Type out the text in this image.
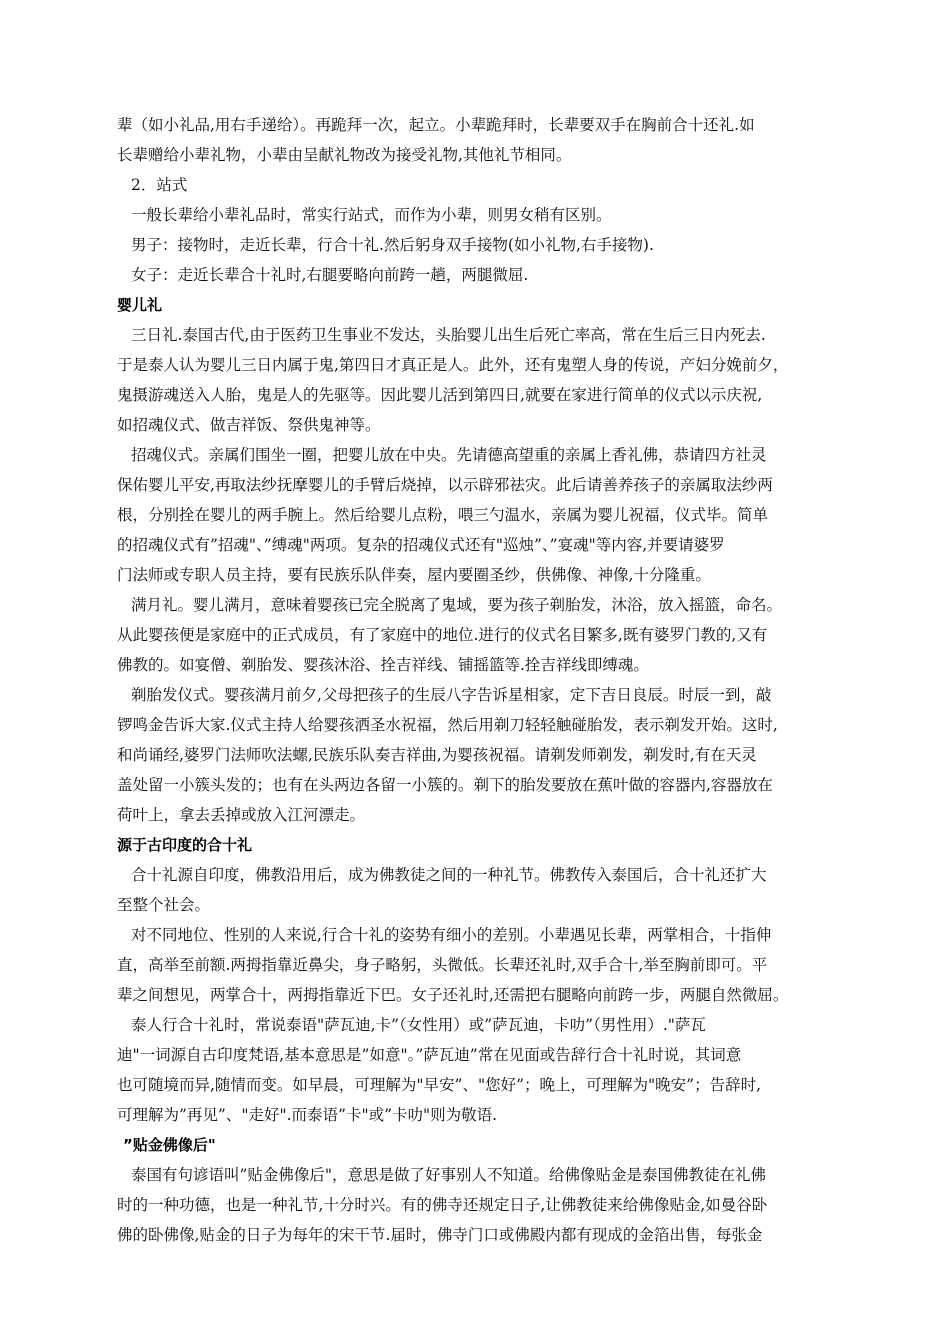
辈（如小礼品,用右手递给）。再跪拜一次，起立。小辈跪拜时，长辈要双手在胸前合十还礼.如
长辈赠给小辈礼物，小辈由呈献礼物改为接受礼物,其他礼节相同。
2．站式
一般长辈给小辈礼品时，常实行站式，而作为小辈，则男女稍有区别。
男子：接物时，走近长辈，行合十礼.然后躬身双手接物(如小礼物,右手接物).
女子：走近长辈合十礼时,右腿要略向前跨一趟，两腿微屈.
婴儿礼
三日礼.泰国古代,由于医药卫生事业不发达，头胎婴儿出生后死亡率高，常在生后三日内死去.
于是泰人认为婴儿三日内属于鬼,第四日才真正是人。此外，还有鬼塑人身的传说，产妇分娩前夕，
鬼摄游魂送入人胎，鬼是人的先驱等。因此婴儿活到第四日,就要在家进行简单的仪式以示庆祝,
如招魂仪式、做吉祥饭、祭供鬼神等。
招魂仪式。亲属们围坐一圈，把婴儿放在中央。先请德高望重的亲属上香礼佛，恭请四方社灵
保佑婴儿平安,再取法纱抚摩婴儿的手臂后烧掉，以示辟邪祛灾。此后请善养孩子的亲属取法纱两
根，分别拴在婴儿的两手腕上。然后给婴儿点粉，喂三勺温水，亲属为婴儿祝福，仪式毕。简单
的招魂仪式有”招魂"、”缚魂"两项。复杂的招魂仪式还有"巡烛”、”宴魂"等内容,并要请婆罗
门法师或专职人员主持，要有民族乐队伴奏，屋内要圈圣纱，供佛像、神像,十分隆重。
满月礼。婴儿满月，意味着婴孩已完全脱离了鬼域，要为孩子剃胎发，沐浴，放入摇篮，命名。
从此婴孩便是家庭中的正式成员，有了家庭中的地位.进行的仪式名目繁多,既有婆罗门教的,又有
佛教的。如宴僧、剃胎发、婴孩沐浴、拴吉祥线、铺摇篮等.拴吉祥线即缚魂。
剃胎发仪式。婴孩满月前夕,父母把孩子的生辰八字告诉星相家，定下吉日良辰。时辰一到，敲
锣鸣金告诉大家.仪式主持人给婴孩洒圣水祝福，然后用剃刀轻轻触碰胎发，表示剃发开始。这时,
和尚诵经,婆罗门法师吹法螺,民族乐队奏吉祥曲,为婴孩祝福。请剃发师剃发，剃发时,有在天灵
盖处留一小簇头发的；也有在头两边各留一小簇的。剃下的胎发要放在蕉叶做的容器内,容器放在
荷叶上，拿去丢掉或放入江河漂走。
源于古印度的合十礼
合十礼源自印度，佛教沿用后，成为佛教徒之间的一种礼节。佛教传入泰国后，合十礼还扩大
至整个社会。
对不同地位、性别的人来说,行合十礼的姿势有细小的差别。小辈遇见长辈，两掌相合，十指伸
直，高举至前额.两拇指靠近鼻尖，身子略躬，头微低。长辈还礼时,双手合十,举至胸前即可。平
辈之间想见，两掌合十，两拇指靠近下巴。女子还礼时,还需把右腿略向前跨一步，两腿自然微屈。
泰人行合十礼时，常说泰语"萨瓦迪,卡”（女性用）或”萨瓦迪，卡叻”（男性用）."萨瓦
迪"一词源自古印度梵语,基本意思是”如意"。”萨瓦迪”常在见面或告辞行合十礼时说，其词意
也可随境而异,随情而变。如早晨，可理解为"早安”、"您好”；晚上，可理解为"晚安”；告辞时,
可理解为”再见”、"走好".而泰语”卡"或”卡叻"则为敬语.
”贴金佛像后"
泰国有句谚语叫”贴金佛像后"，意思是做了好事别人不知道。给佛像贴金是泰国佛教徒在礼佛
时的一种功德，也是一种礼节,十分时兴。有的佛寺还规定日子,让佛教徒来给佛像贴金,如曼谷卧
佛的卧佛像,贴金的日子为每年的宋干节.届时，佛寺门口或佛殿内都有现成的金箔出售，每张金
